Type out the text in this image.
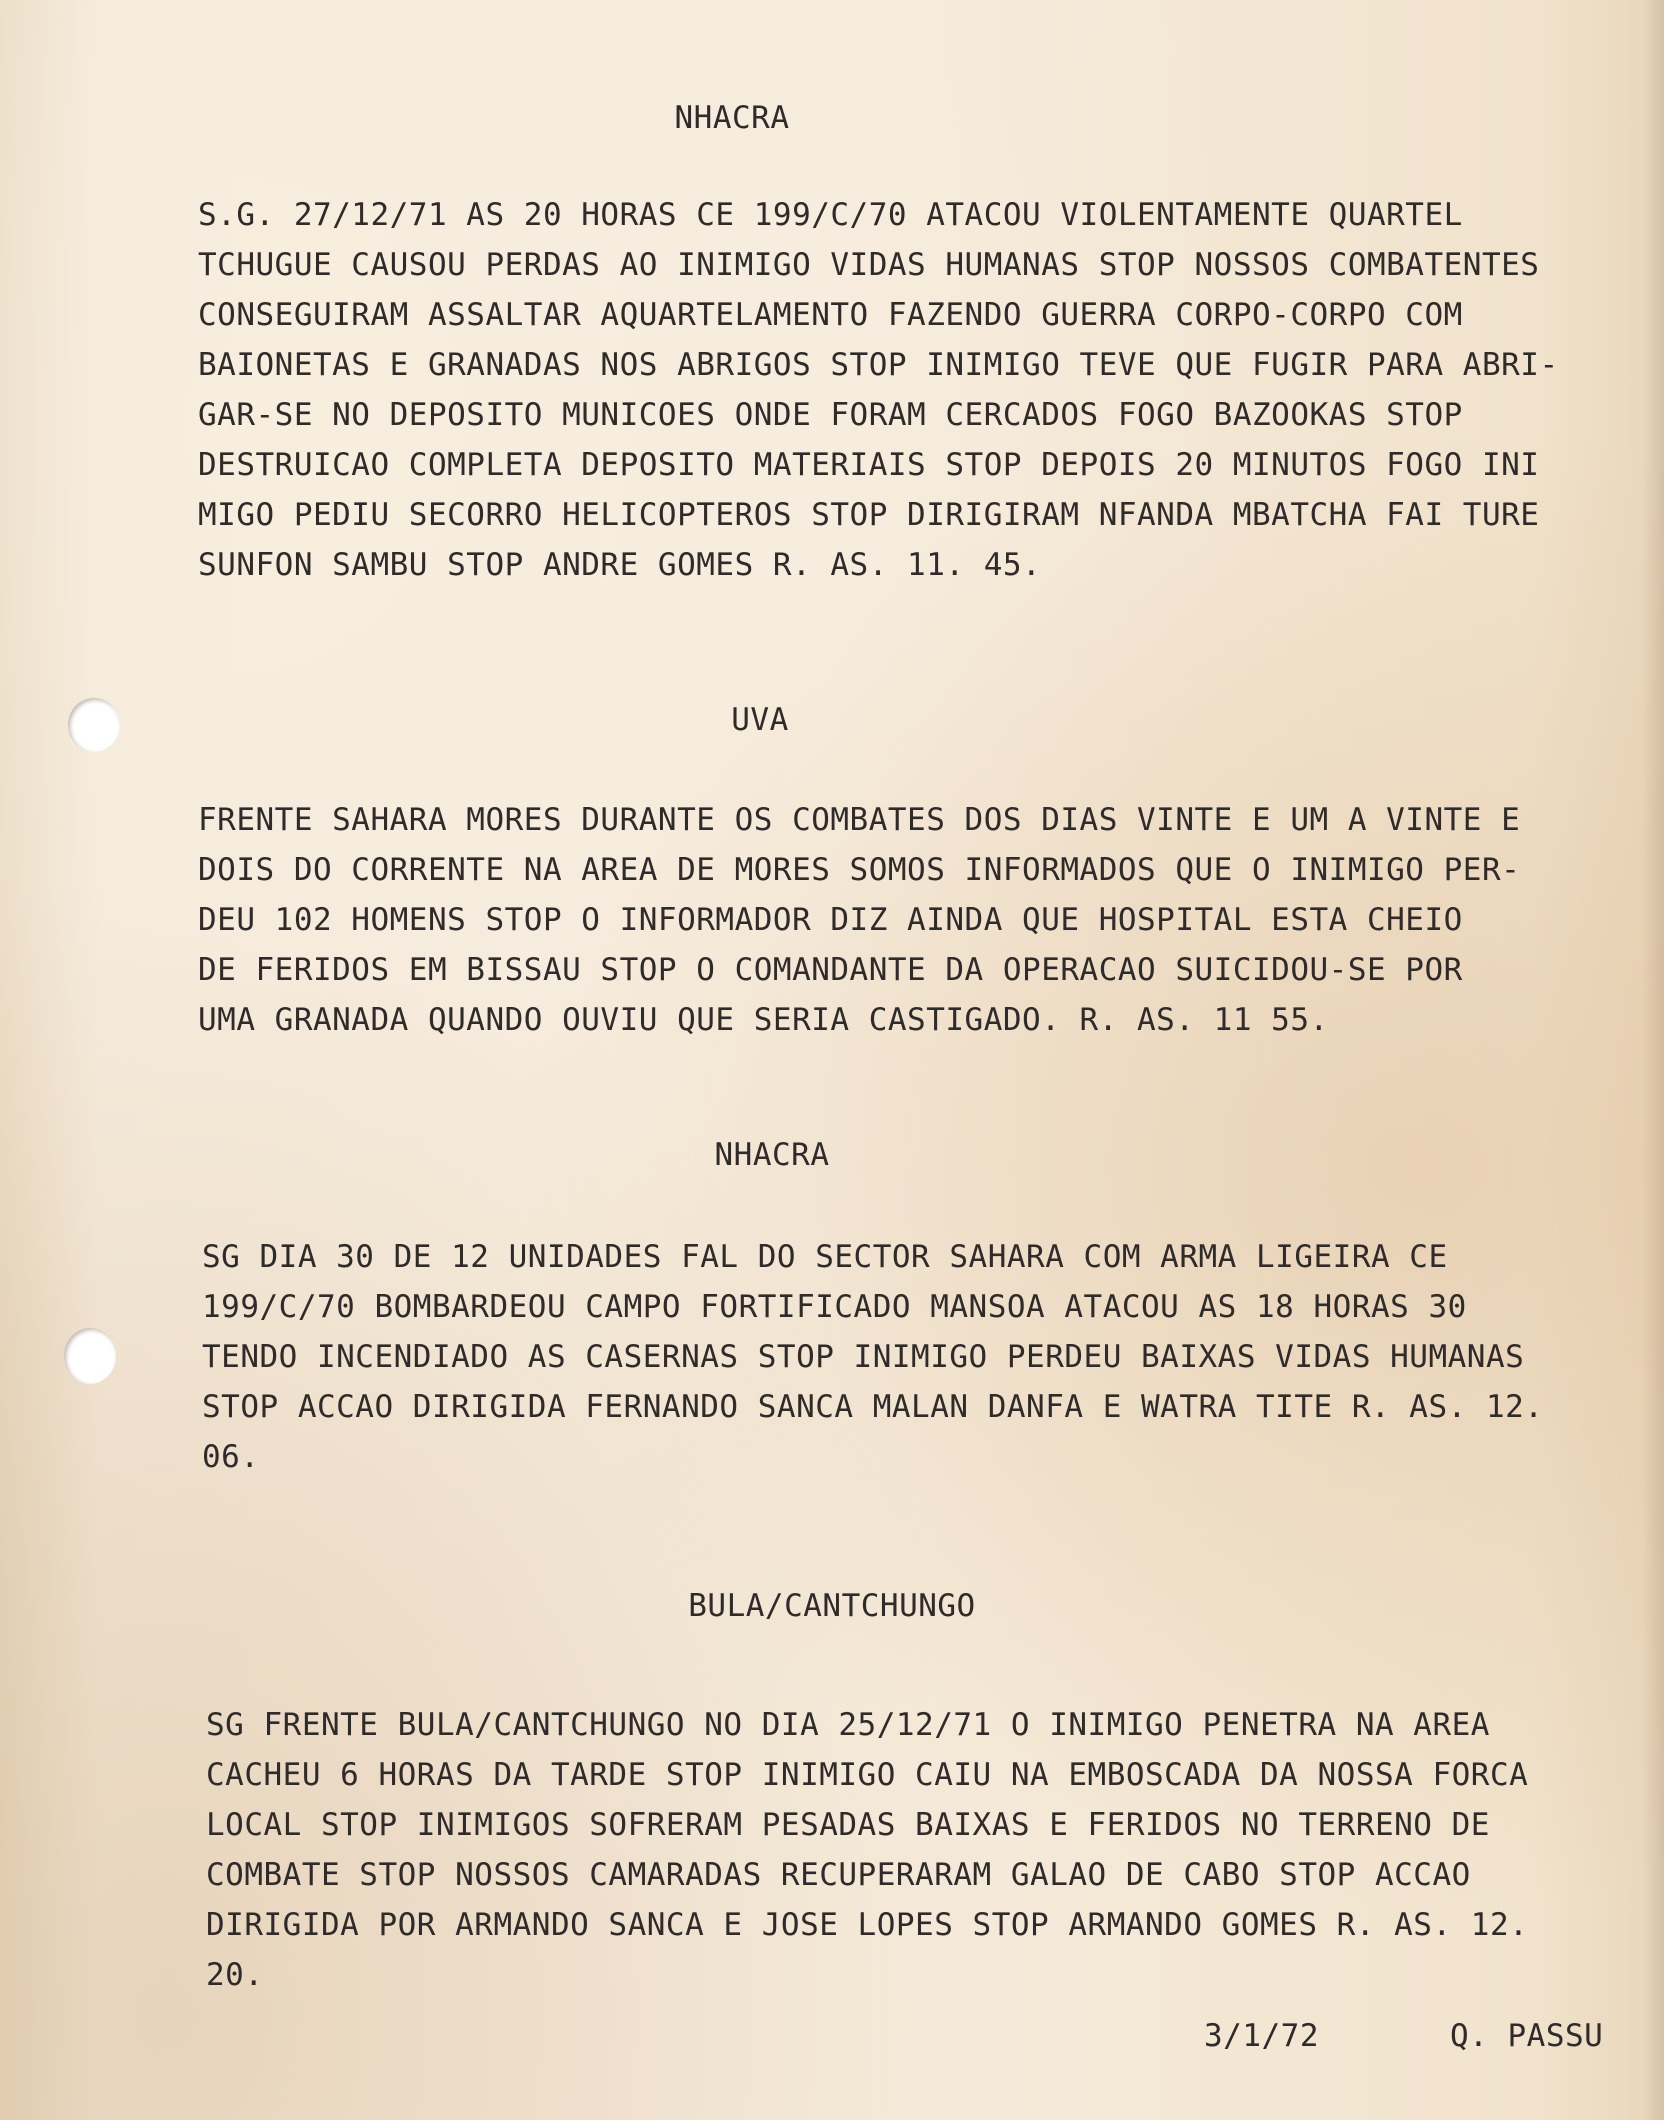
NHACRA
S.G. 27/12/71 AS 20 HORAS CE 199/C/70 ATACOU VIOLENTAMENTE QUARTEL
TCHUGUE CAUSOU PERDAS AO INIMIGO VIDAS HUMANAS STOP NOSSOS COMBATENTES
CONSEGUIRAM ASSALTAR AQUARTELAMENTO FAZENDO GUERRA CORPO-CORPO COM
BAIONETAS E GRANADAS NOS ABRIGOS STOP INIMIGO TEVE QUE FUGIR PARA ABRI-
GAR-SE NO DEPOSITO MUNICOES ONDE FORAM CERCADOS FOGO BAZOOKAS STOP
DESTRUICAO COMPLETA DEPOSITO MATERIAIS STOP DEPOIS 20 MINUTOS FOGO INI
MIGO PEDIU SECORRO HELICOPTEROS STOP DIRIGIRAM NFANDA MBATCHA FAI TURE
SUNFON SAMBU STOP ANDRE GOMES R. AS. 11. 45.
UVA
FRENTE SAHARA MORES DURANTE OS COMBATES DOS DIAS VINTE E UM A VINTE E
DOIS DO CORRENTE NA AREA DE MORES SOMOS INFORMADOS QUE O INIMIGO PER-
DEU 102 HOMENS STOP O INFORMADOR DIZ AINDA QUE HOSPITAL ESTA CHEIO
DE FERIDOS EM BISSAU STOP O COMANDANTE DA OPERACAO SUICIDOU-SE POR
UMA GRANADA QUANDO OUVIU QUE SERIA CASTIGADO. R. AS. 11 55.
NHACRA
SG DIA 30 DE 12 UNIDADES FAL DO SECTOR SAHARA COM ARMA LIGEIRA CE
199/C/70 BOMBARDEOU CAMPO FORTIFICADO MANSOA ATACOU AS 18 HORAS 30
TENDO INCENDIADO AS CASERNAS STOP INIMIGO PERDEU BAIXAS VIDAS HUMANAS
STOP ACCAO DIRIGIDA FERNANDO SANCA MALAN DANFA E WATRA TITE R. AS. 12.
06.
BULA/CANTCHUNGO
SG FRENTE BULA/CANTCHUNGO NO DIA 25/12/71 O INIMIGO PENETRA NA AREA
CACHEU 6 HORAS DA TARDE STOP INIMIGO CAIU NA EMBOSCADA DA NOSSA FORCA
LOCAL STOP INIMIGOS SOFRERAM PESADAS BAIXAS E FERIDOS NO TERRENO DE
COMBATE STOP NOSSOS CAMARADAS RECUPERARAM GALAO DE CABO STOP ACCAO
DIRIGIDA POR ARMANDO SANCA E JOSE LOPES STOP ARMANDO GOMES R. AS. 12.
20.
3/1/72	Q. PASSU
